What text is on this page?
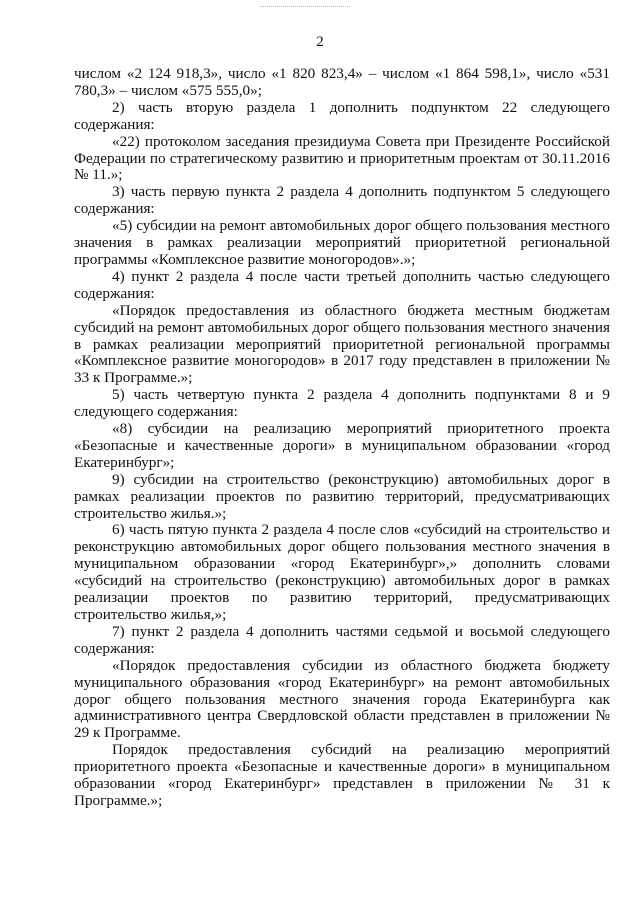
2

числом «2 124 918,3», число «1 820 823,4» – числом «1 864 598,1», число «531 780,3» – числом «575 555,0»;

2) часть вторую раздела 1 дополнить подпунктом 22 следующего содержания:

«22) протоколом заседания президиума Совета при Президенте Российской Федерации по стратегическому развитию и приоритетным проектам от 30.11.2016 № 11.»;

3) часть первую пункта 2 раздела 4 дополнить подпунктом 5 следующего содержания:

«5) субсидии на ремонт автомобильных дорог общего пользования местного значения в рамках реализации мероприятий приоритетной региональной программы «Комплексное развитие моногородов».»;

4) пункт 2 раздела 4 после части третьей дополнить частью следующего содержания:

«Порядок предоставления из областного бюджета местным бюджетам субсидий на ремонт автомобильных дорог общего пользования местного значения в рамках реализации мероприятий приоритетной региональной программы «Комплексное развитие моногородов» в 2017 году представлен в приложении № 33 к Программе.»;

5) часть четвертую пункта 2 раздела 4 дополнить подпунктами 8 и 9 следующего содержания:

«8) субсидии на реализацию мероприятий приоритетного проекта «Безопасные и качественные дороги» в муниципальном образовании «город Екатеринбург»;

9) субсидии на строительство (реконструкцию) автомобильных дорог в рамках реализации проектов по развитию территорий, предусматривающих строительство жилья.»;

6) часть пятую пункта 2 раздела 4 после слов «субсидий на строительство и реконструкцию автомобильных дорог общего пользования местного значения в муниципальном образовании «город Екатеринбург»,» дополнить словами «субсидий на строительство (реконструкцию) автомобильных дорог в рамках реализации проектов по развитию территорий, предусматривающих строительство жилья,»;

7) пункт 2 раздела 4 дополнить частями седьмой и восьмой следующего содержания:

«Порядок предоставления субсидии из областного бюджета бюджету муниципального образования «город Екатеринбург» на ремонт автомобильных дорог общего пользования местного значения города Екатеринбурга как административного центра Свердловской области представлен в приложении № 29 к Программе.

Порядок предоставления субсидий на реализацию мероприятий приоритетного проекта «Безопасные и качественные дороги» в муниципальном образовании «город Екатеринбург» представлен в приложении № 31 к Программе.»;
